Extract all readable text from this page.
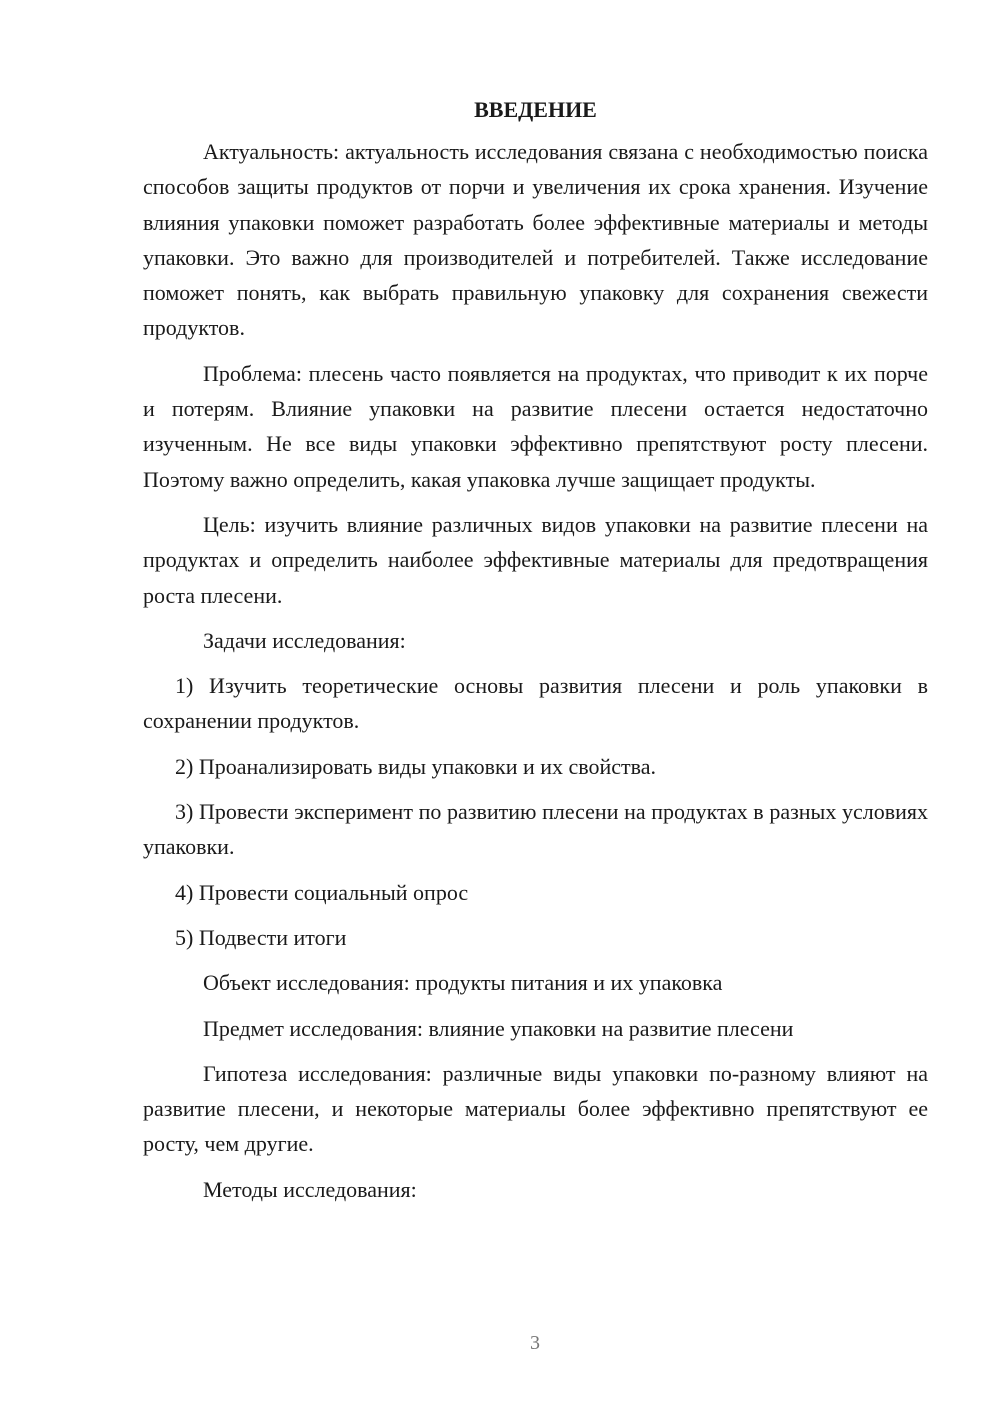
ВВЕДЕНИЕ

Актуальность: актуальность исследования связана с необходимостью поиска способов защиты продуктов от порчи и увеличения их срока хранения. Изучение влияния упаковки поможет разработать более эффективные материалы и методы упаковки. Это важно для производителей и потребителей. Также исследование поможет понять, как выбрать правильную упаковку для сохранения свежести продуктов.

Проблема: плесень часто появляется на продуктах, что приводит к их порче и потерям. Влияние упаковки на развитие плесени остается недостаточно изученным. Не все виды упаковки эффективно препятствуют росту плесени. Поэтому важно определить, какая упаковка лучше защищает продукты.

Цель: изучить влияние различных видов упаковки на развитие плесени на продуктах и определить наиболее эффективные материалы для предотвращения роста плесени.

Задачи исследования:

1) Изучить теоретические основы развития плесени и роль упаковки в сохранении продуктов.

2) Проанализировать виды упаковки и их свойства.

3) Провести эксперимент по развитию плесени на продуктах в разных условиях упаковки.

4) Провести социальный опрос

5) Подвести итоги

Объект исследования: продукты питания и их упаковка

Предмет исследования: влияние упаковки на развитие плесени

Гипотеза исследования: различные виды упаковки по-разному влияют на развитие плесени, и некоторые материалы более эффективно препятствуют ее росту, чем другие.

Методы исследования:

3
